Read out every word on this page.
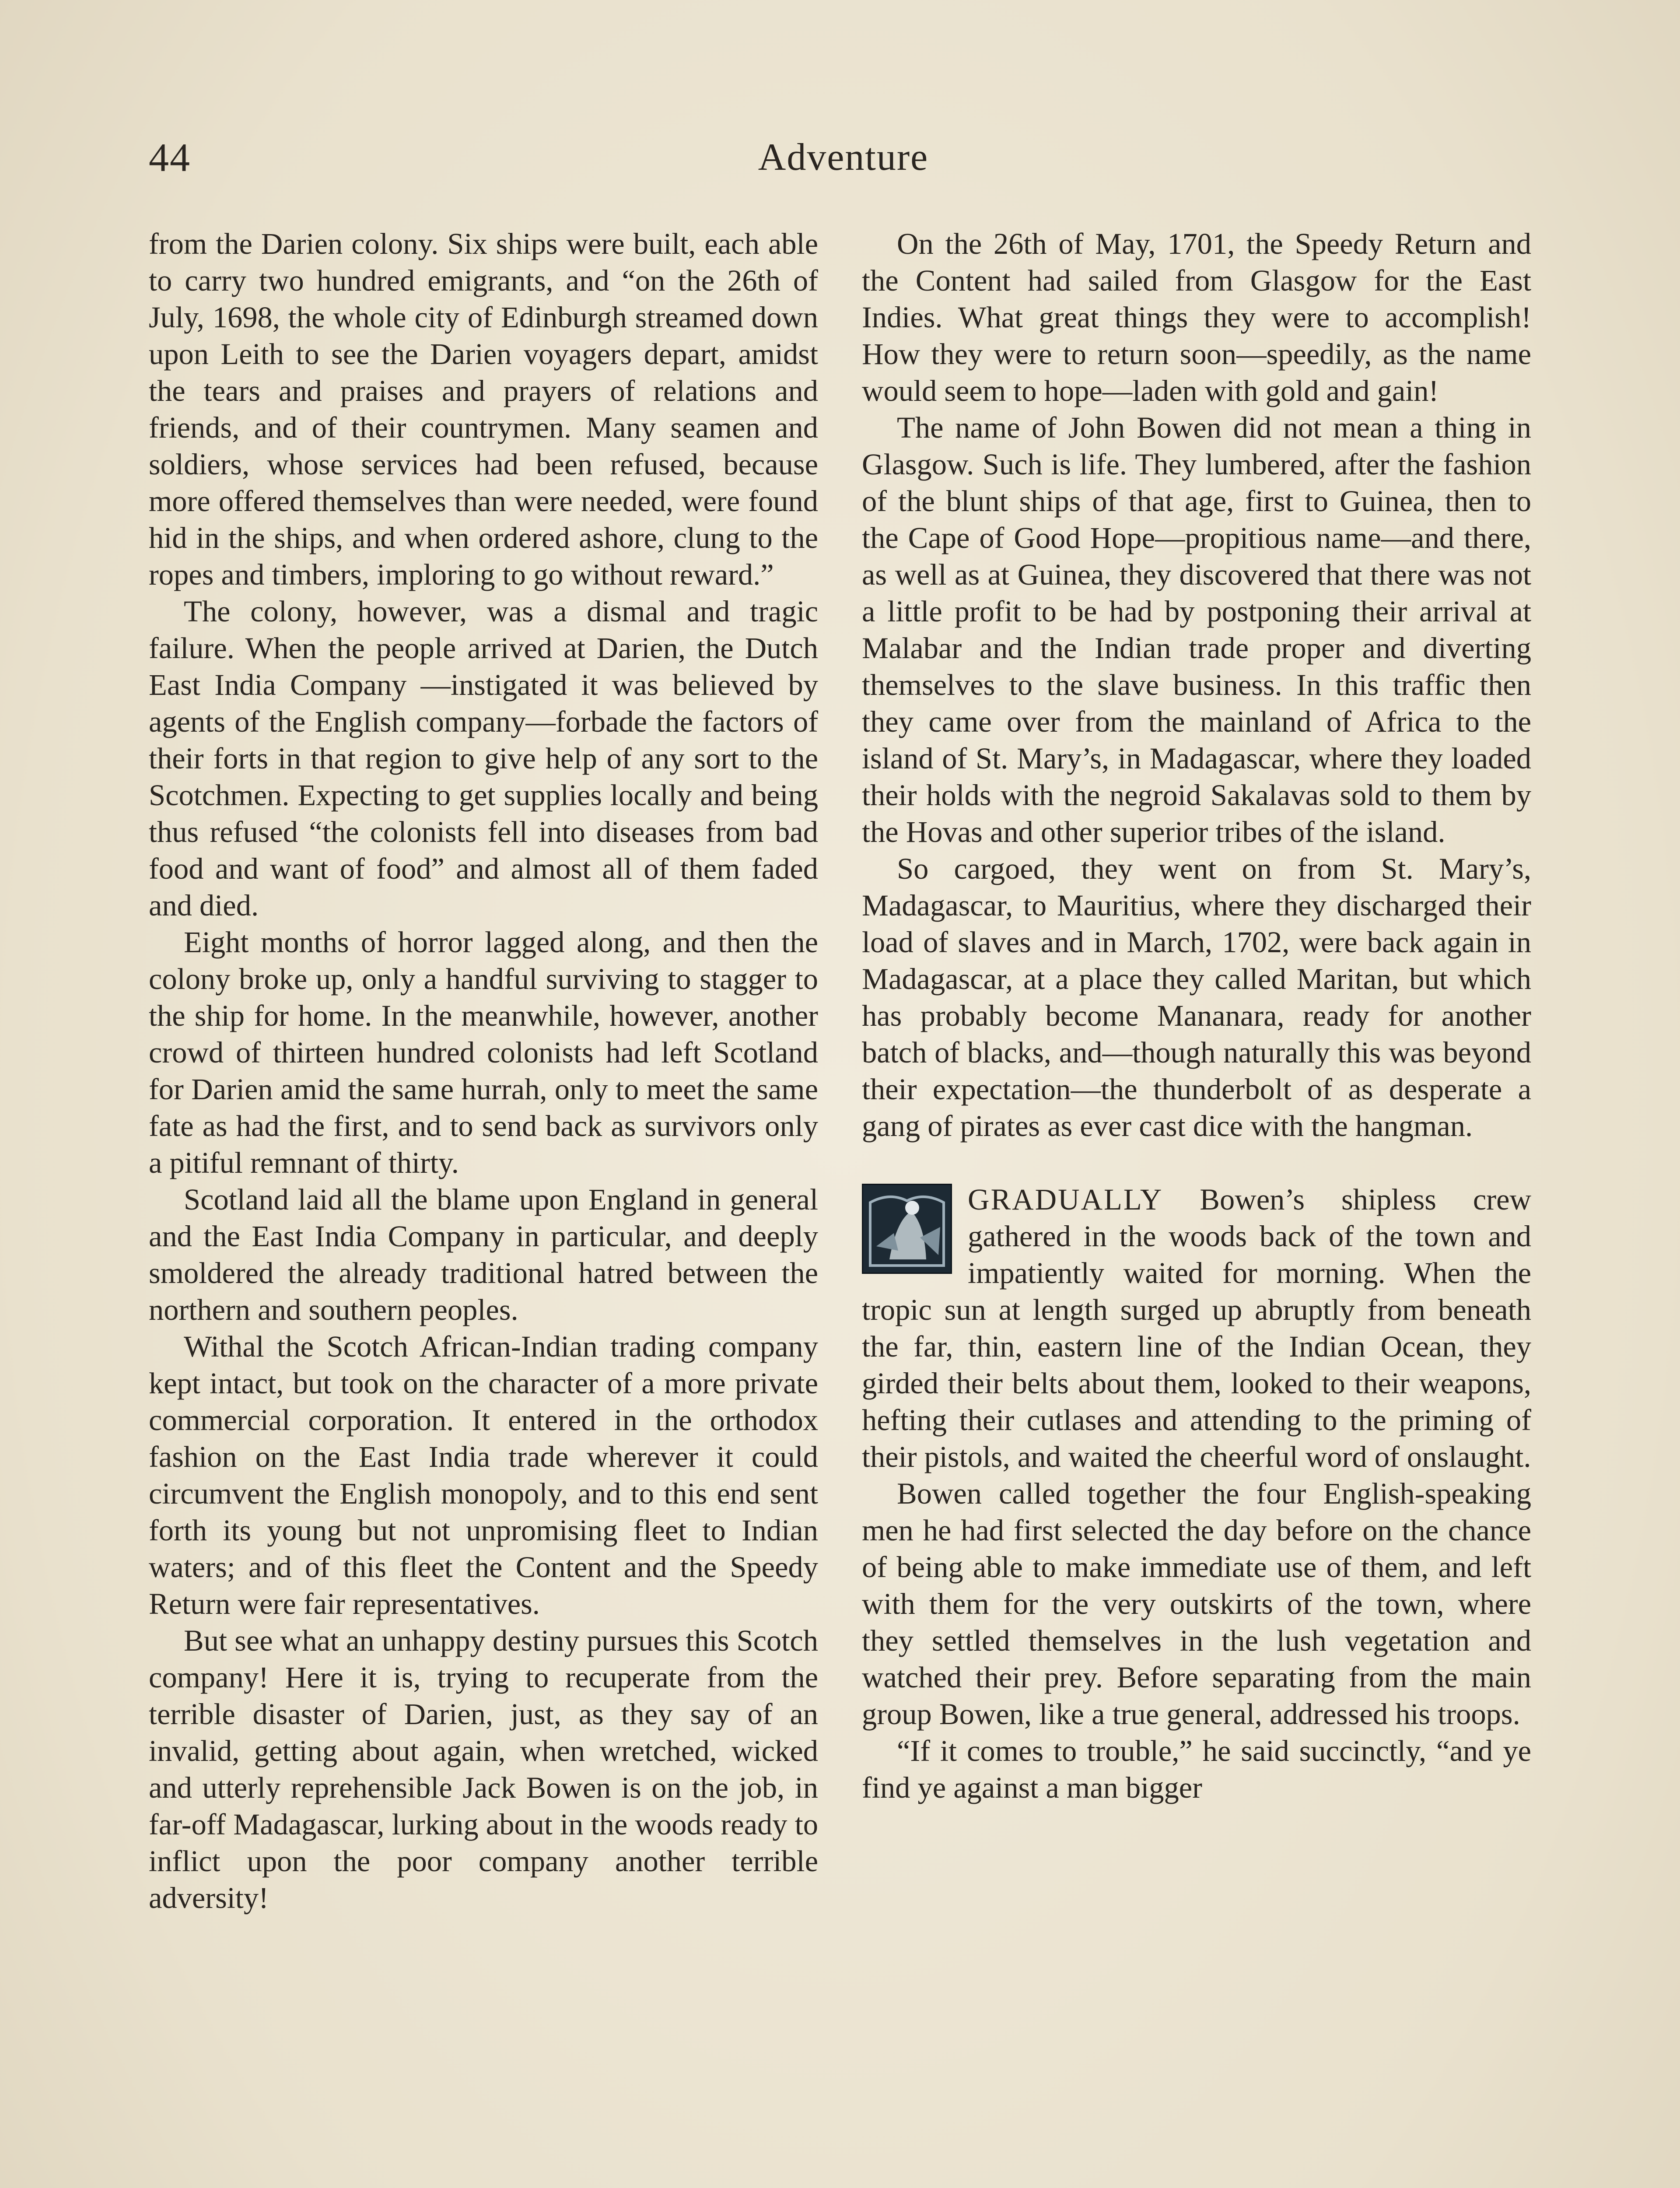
44	Adventure

from the Darien colony. Six ships were built, each able to carry two hundred emigrants, and “on the 26th of July, 1698, the whole city of Edinburgh streamed down upon Leith to see the Darien voyagers depart, amidst the tears and praises and prayers of relations and friends, and of their countrymen. Many seamen and soldiers, whose services had been refused, because more offered themselves than were needed, were found hid in the ships, and when ordered ashore, clung to the ropes and timbers, imploring to go without reward.”

The colony, however, was a dismal and tragic failure. When the people arrived at Darien, the Dutch East India Company —instigated it was believed by agents of the English company—forbade the factors of their forts in that region to give help of any sort to the Scotchmen. Expecting to get supplies locally and being thus refused “the colonists fell into diseases from bad food and want of food” and almost all of them faded and died.

Eight months of horror lagged along, and then the colony broke up, only a handful surviving to stagger to the ship for home. In the meanwhile, however, another crowd of thirteen hundred colonists had left Scotland for Darien amid the same hurrah, only to meet the same fate as had the first, and to send back as survivors only a pitiful remnant of thirty.

Scotland laid all the blame upon England in general and the East India Company in particular, and deeply smoldered the already traditional hatred between the northern and southern peoples.

Withal the Scotch African-Indian trading company kept intact, but took on the character of a more private commercial corporation. It entered in the orthodox fashion on the East India trade wherever it could circumvent the English monopoly, and to this end sent forth its young but not unpromising fleet to Indian waters; and of this fleet the Content and the Speedy Return were fair representatives.

But see what an unhappy destiny pursues this Scotch company! Here it is, trying to recuperate from the terrible disaster of Darien, just, as they say of an invalid, getting about again, when wretched, wicked and utterly reprehensible Jack Bowen is on the job, in far-off Madagascar, lurking about in the woods ready to inflict upon the poor company another terrible adversity!

On the 26th of May, 1701, the Speedy Return and the Content had sailed from Glasgow for the East Indies. What great things they were to accomplish! How they were to return soon—speedily, as the name would seem to hope—laden with gold and gain!

The name of John Bowen did not mean a thing in Glasgow. Such is life. They lumbered, after the fashion of the blunt ships of that age, first to Guinea, then to the Cape of Good Hope—propitious name—and there, as well as at Guinea, they discovered that there was not a little profit to be had by postponing their arrival at Malabar and the Indian trade proper and diverting themselves to the slave business. In this traffic then they came over from the mainland of Africa to the island of St. Mary’s, in Madagascar, where they loaded their holds with the negroid Sakalavas sold to them by the Hovas and other superior tribes of the island.

So cargoed, they went on from St. Mary’s, Madagascar, to Mauritius, where they discharged their load of slaves and in March, 1702, were back again in Madagascar, at a place they called Maritan, but which has probably become Mananara, ready for another batch of blacks, and—though naturally this was beyond their expectation—the thunderbolt of as desperate a gang of pirates as ever cast dice with the hangman.

GRADUALLY Bowen’s shipless crew gathered in the woods back of the town and impatiently waited for morning. When the tropic sun at length surged up abruptly from beneath the far, thin, eastern line of the Indian Ocean, they girded their belts about them, looked to their weapons, hefting their cutlases and attending to the priming of their pistols, and waited the cheerful word of onslaught.

Bowen called together the four English-speaking men he had first selected the day before on the chance of being able to make immediate use of them, and left with them for the very outskirts of the town, where they settled themselves in the lush vegetation and watched their prey. Before separating from the main group Bowen, like a true general, addressed his troops.

“If it comes to trouble,” he said succinctly, “and ye find ye against a man bigger
